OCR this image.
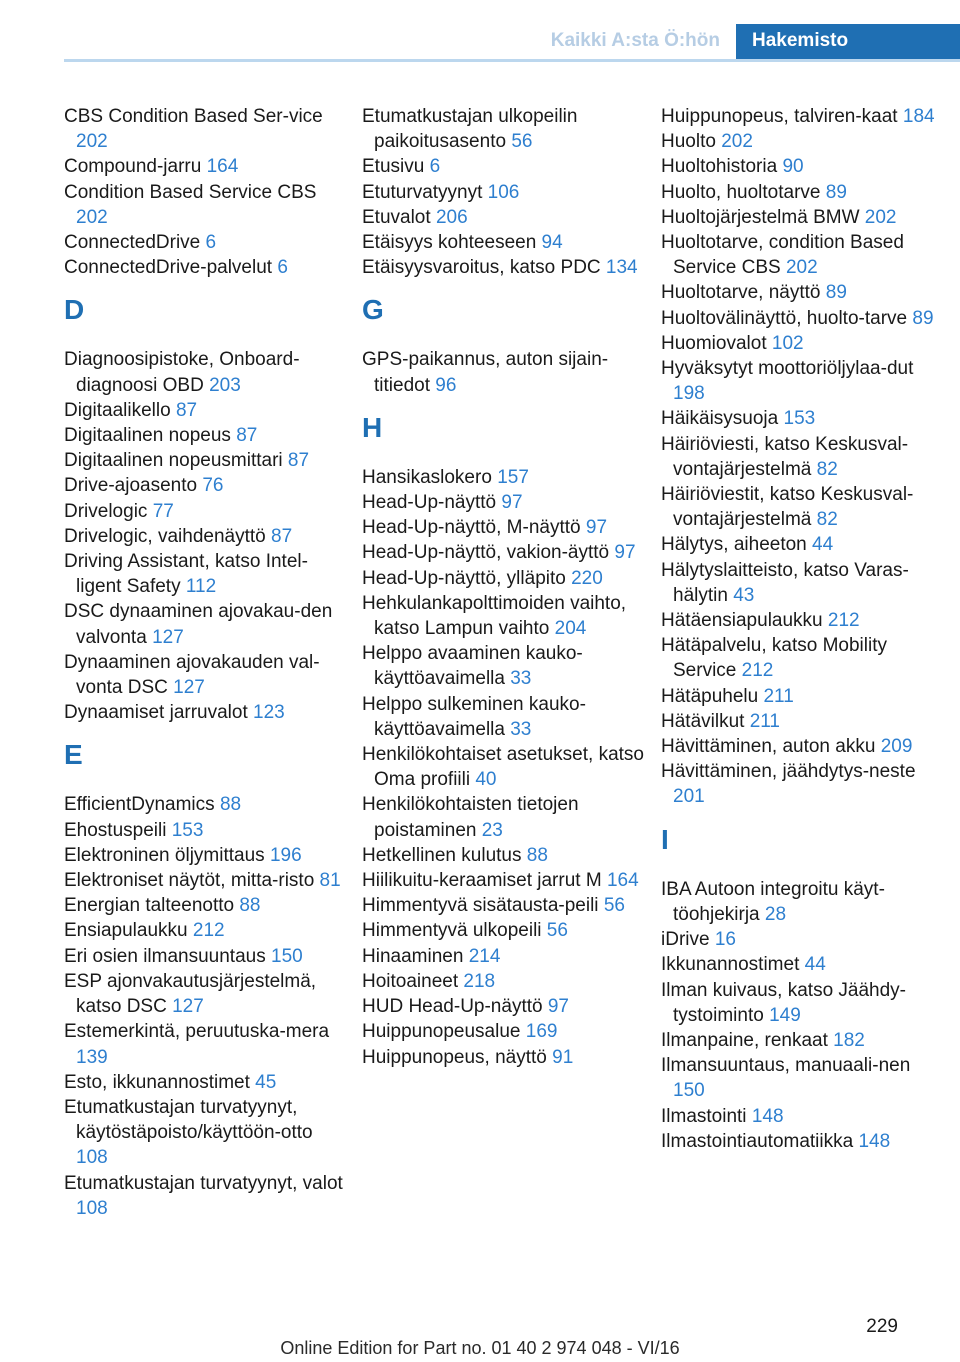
Kaikki A:sta Ö:hön	Hakemisto
CBS Condition Based Ser‐vice 202
Compound-jarru 164
Condition Based Service CBS 202
ConnectedDrive 6
ConnectedDrive-palvelut 6
D
Diagnoosipistoke, Onboard-diagnoosi OBD 203
Digitaalikello 87
Digitaalinen nopeus 87
Digitaalinen nopeusmittari 87
Drive-ajoasento 76
Drivelogic 77
Drivelogic, vaihdenäyttö 87
Driving Assistant, katso Intel‐ligent Safety 112
DSC dynaaminen ajovakau‐den valvonta 127
Dynaaminen ajovakauden val‐vonta DSC 127
Dynaamiset jarruvalot 123
E
EfficientDynamics 88
Ehostuspeili 153
Elektroninen öljymittaus 196
Elektroniset näytöt, mitta‐risto 81
Energian talteenotto 88
Ensiapulaukku 212
Eri osien ilmansuuntaus 150
ESP ajonvakautusjärjestelmä, katso DSC 127
Estemerkintä, peruutuska‐mera 139
Esto, ikkunannostimet 45
Etumatkustajan turvatyynyt, käytöstäpoisto/käyttöön‐otto 108
Etumatkustajan turvatyynyt, valot 108
Etumatkustajan ulkopeilin paikoitusasento 56
Etusivu 6
Etuturvatyynyt 106
Etuvalot 206
Etäisyys kohteeseen 94
Etäisyysvaroitus, katso PDC 134
G
GPS-paikannus, auton sijain‐titiedot 96
H
Hansikaslokero 157
Head-Up-näyttö 97
Head-Up-näyttö, M-näyttö 97
Head-Up-näyttö, vakion‐äyttö 97
Head-Up-näyttö, ylläpito 220
Hehkulankapolttimoiden vaihto, katso Lampun vaihto 204
Helppo avaaminen kauko‐käyttöavaimella 33
Helppo sulkeminen kauko‐käyttöavaimella 33
Henkilökohtaiset asetukset, katso Oma profiili 40
Henkilökohtaisten tietojen poistaminen 23
Hetkellinen kulutus 88
Hiilikuitu-keraamiset jarrut M 164
Himmentyvä sisätausta‐peili 56
Himmentyvä ulkopeili 56
Hinaaminen 214
Hoitoaineet 218
HUD Head-Up-näyttö 97
Huippunopeusalue 169
Huippunopeus, näyttö 91
Huippunopeus, talviren‐kaat 184
Huolto 202
Huoltohistoria 90
Huolto, huoltotarve 89
Huoltojärjestelmä BMW 202
Huoltotarve, condition Based Service CBS 202
Huoltotarve, näyttö 89
Huoltovälinäyttö, huolto‐tarve 89
Huomiovalot 102
Hyväksytyt moottoriöljylaa‐dut 198
Häikäisysuoja 153
Häiriöviesti, katso Keskusval‐vontajärjestelmä 82
Häiriöviestit, katso Keskusval‐vontajärjestelmä 82
Hälytys, aiheeton 44
Hälytyslaitteisto, katso Varas‐hälytin 43
Hätäensiapulaukku 212
Hätäpalvelu, katso Mobility Service 212
Hätäpuhelu 211
Hätävilkut 211
Hävittäminen, auton akku 209
Hävittäminen, jäähdytys‐neste 201
I
IBA Autoon integroitu käyt‐töohjekirja 28
iDrive 16
Ikkunannostimet 44
Ilman kuivaus, katso Jäähdy‐tystoiminto 149
Ilmanpaine, renkaat 182
Ilmansuuntaus, manuaali‐nen 150
Ilmastointi 148
Ilmastointiautomatiikka 148
229
Online Edition for Part no. 01 40 2 974 048 - VI/16
